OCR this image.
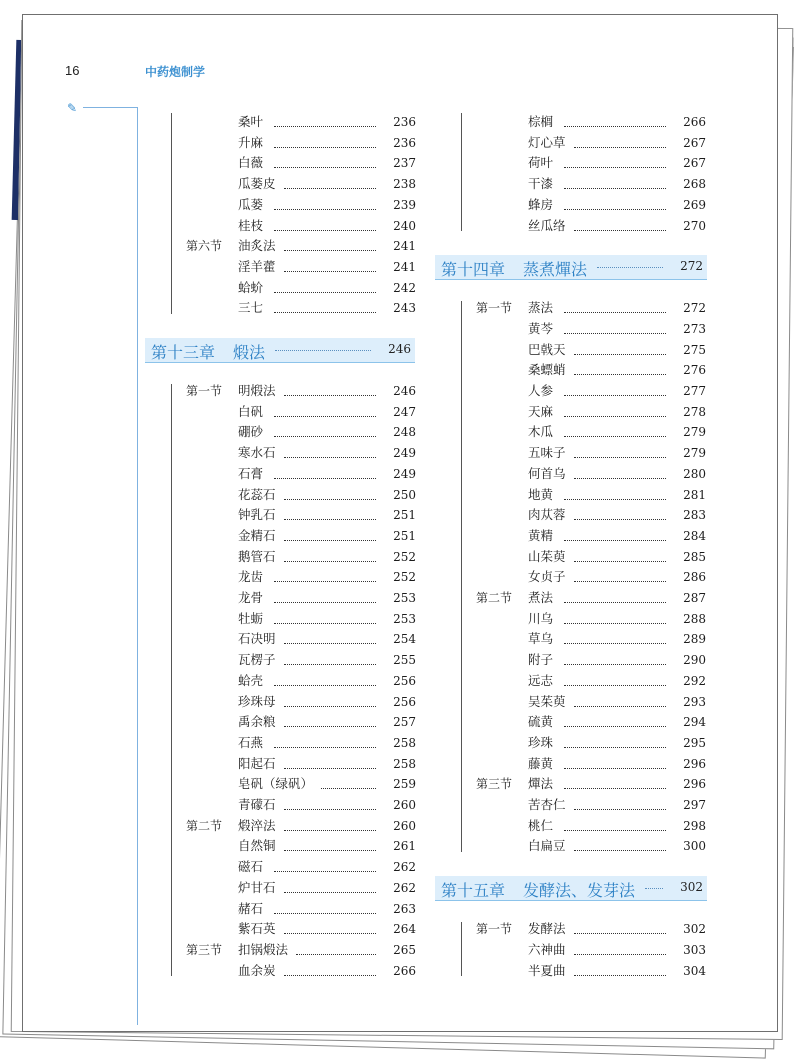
16	中药炮制学
✎
桑叶	236
升麻	236
白薇	237
瓜蒌皮	238
瓜蒌	239
桂枝	240
第六节	油炙法	241
淫羊藿	241
蛤蚧	242
三七	243
第十三章 煅法	246
第一节	明煅法	246
白矾	247
硼砂	248
寒水石	249
石膏	249
花蕊石	250
钟乳石	251
金精石	251
鹅管石	252
龙齿	252
龙骨	253
牡蛎	253
石决明	254
瓦楞子	255
蛤壳	256
珍珠母	256
禹余粮	257
石燕	258
阳起石	258
皂矾（绿矾）	259
青礞石	260
第二节	煅淬法	260
自然铜	261
磁石	262
炉甘石	262
赭石	263
紫石英	264
第三节	扣锅煅法	265
血余炭	266
棕榈	266
灯心草	267
荷叶	267
干漆	268
蜂房	269
丝瓜络	270
第十四章 蒸煮燀法	272
第一节	蒸法	272
黄芩	273
巴戟天	275
桑螵蛸	276
人参	277
天麻	278
木瓜	279
五味子	279
何首乌	280
地黄	281
肉苁蓉	283
黄精	284
山茱萸	285
女贞子	286
第二节	煮法	287
川乌	288
草乌	289
附子	290
远志	292
吴茱萸	293
硫黄	294
珍珠	295
藤黄	296
第三节	燀法	296
苦杏仁	297
桃仁	298
白扁豆	300
第十五章 发酵法、发芽法	302
第一节	发酵法	302
六神曲	303
半夏曲	304
